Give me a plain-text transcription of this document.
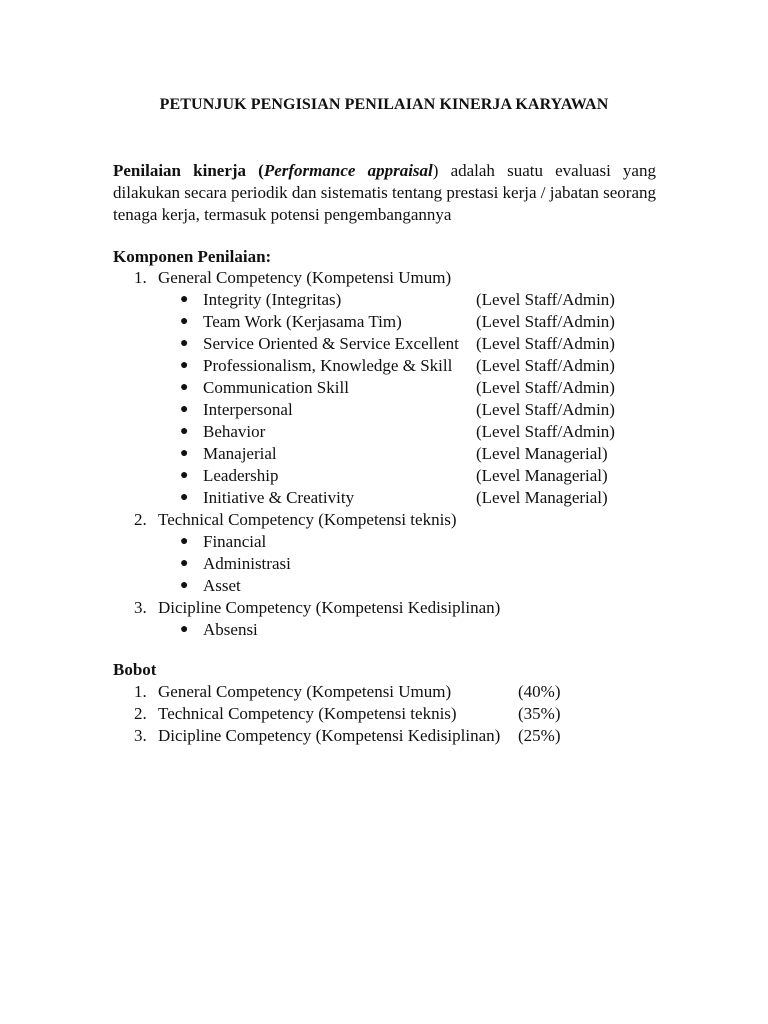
PETUNJUK PENGISIAN PENILAIAN KINERJA KARYAWAN
Penilaian kinerja (Performance appraisal) adalah suatu evaluasi yang dilakukan secara periodik dan sistematis tentang prestasi kerja / jabatan seorang tenaga kerja, termasuk potensi pengembangannya
Komponen Penilaian:
1. General Competency (Kompetensi Umum)
● Integrity (Integritas)	(Level Staff/Admin)
● Team Work (Kerjasama Tim)	(Level Staff/Admin)
● Service Oriented & Service Excellent (Level Staff/Admin)
● Professionalism, Knowledge & Skill (Level Staff/Admin)
● Communication Skill	(Level Staff/Admin)
● Interpersonal	(Level Staff/Admin)
● Behavior	(Level Staff/Admin)
● Manajerial	(Level Managerial)
● Leadership	(Level Managerial)
● Initiative & Creativity	(Level Managerial)
2. Technical Competency (Kompetensi teknis)
● Financial
● Administrasi
● Asset
3. Dicipline Competency (Kompetensi Kedisiplinan)
● Absensi
Bobot
1. General Competency (Kompetensi Umum)	(40%)
2. Technical Competency (Kompetensi teknis)	(35%)
3. Dicipline Competency (Kompetensi Kedisiplinan) (25%)
